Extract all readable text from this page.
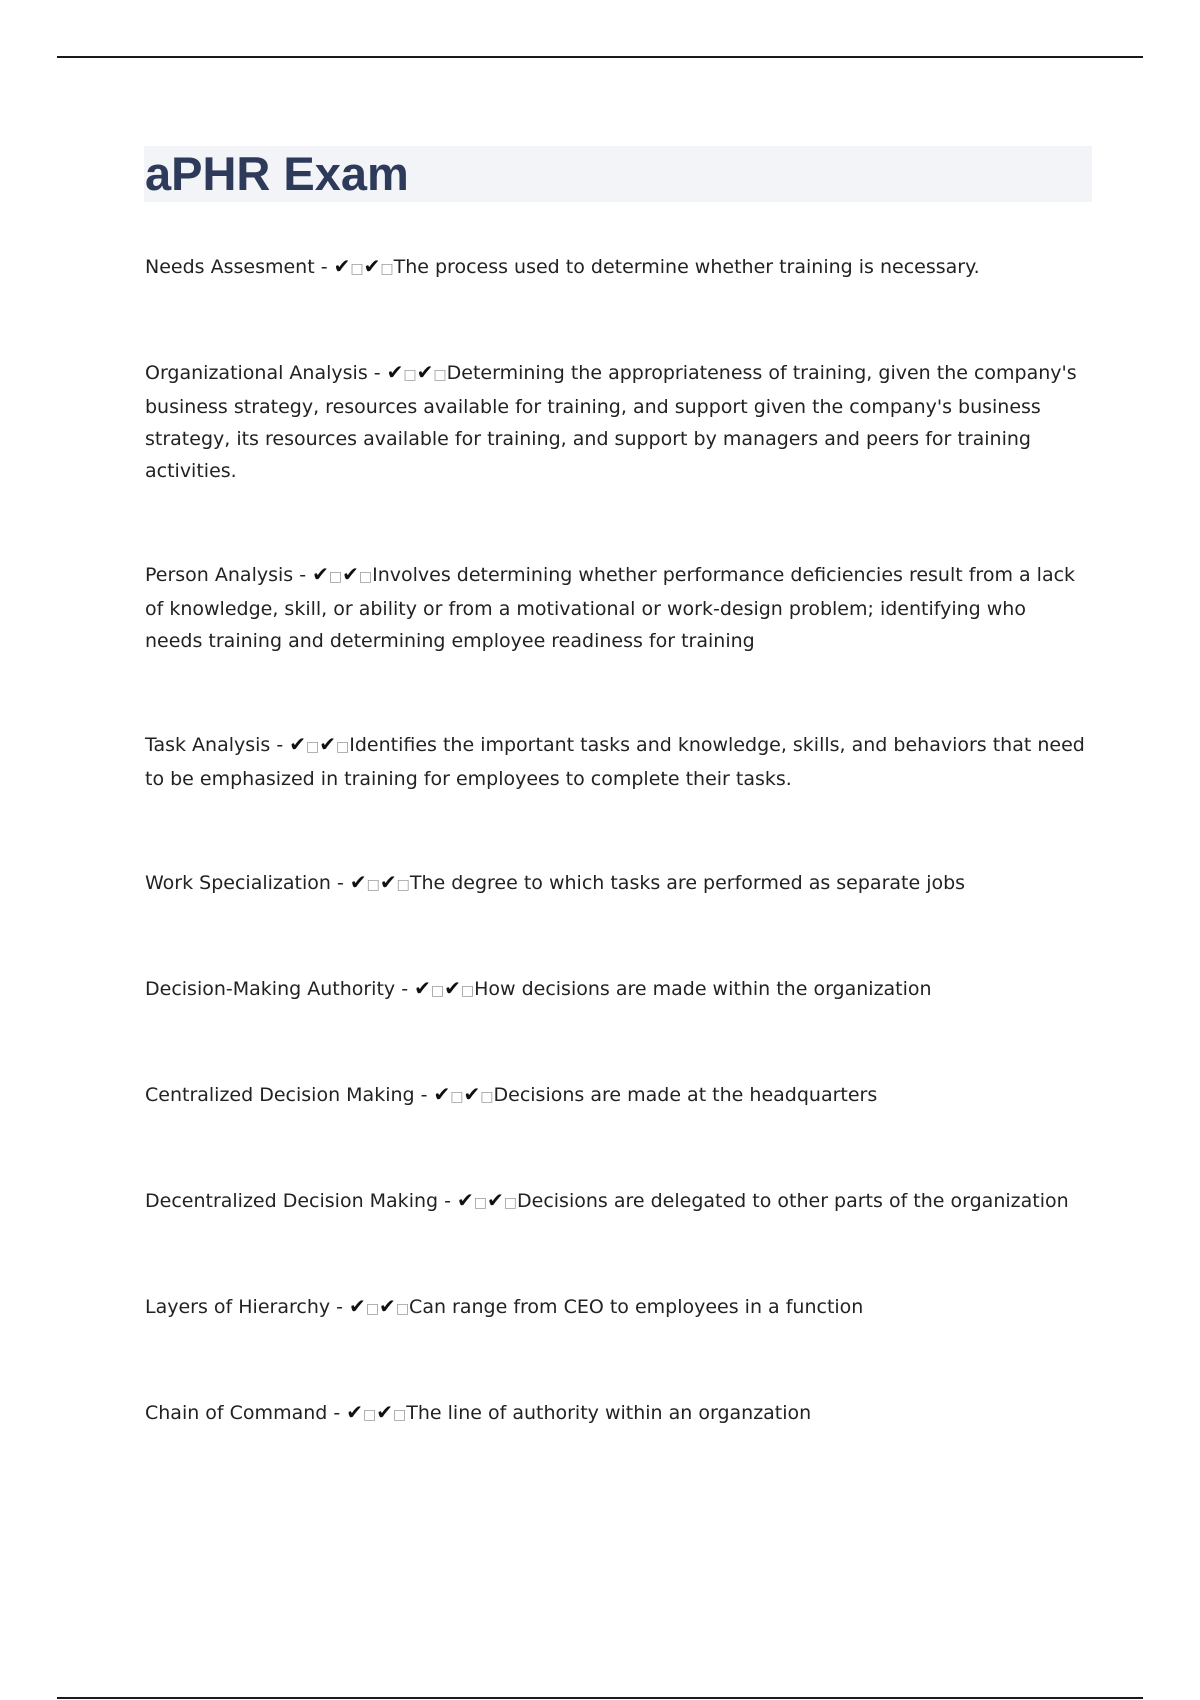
aPHR Exam

Needs Assesment - ✔□✔□The process used to determine whether training is necessary.

Organizational Analysis - ✔□✔□Determining the appropriateness of training, given the company's business strategy, resources available for training, and support given the company's business strategy, its resources available for training, and support by managers and peers for training activities.

Person Analysis - ✔□✔□Involves determining whether performance deficiencies result from a lack of knowledge, skill, or ability or from a motivational or work-design problem; identifying who needs training and determining employee readiness for training

Task Analysis - ✔□✔□Identifies the important tasks and knowledge, skills, and behaviors that need to be emphasized in training for employees to complete their tasks.

Work Specialization - ✔□✔□The degree to which tasks are performed as separate jobs

Decision-Making Authority - ✔□✔□How decisions are made within the organization

Centralized Decision Making - ✔□✔□Decisions are made at the headquarters

Decentralized Decision Making - ✔□✔□Decisions are delegated to other parts of the organization

Layers of Hierarchy - ✔□✔□Can range from CEO to employees in a function

Chain of Command - ✔□✔□The line of authority within an organzation
